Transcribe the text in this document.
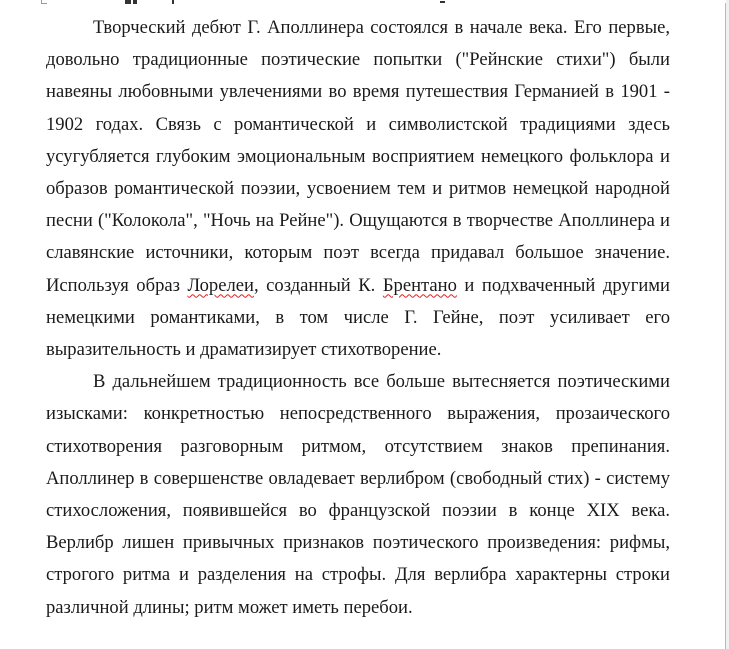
Творческий дебют Г. Аполлинера состоялся в начале века. Его первые, довольно традиционные поэтические попытки ("Рейнские стихи") были навеяны любовными увлечениями во время путешествия Германией в 1901 - 1902 годах. Связь с романтической и символистской традициями здесь усугубляется глубоким эмоциональным восприятием немецкого фольклора и образов романтической поэзии, усвоением тем и ритмов немецкой народной песни ("Колокола", "Ночь на Рейне"). Ощущаются в творчестве Аполлинера и славянские источники, которым поэт всегда придавал большое значение. Используя образ Лорелеи, созданный К. Брентано и подхваченный другими немецкими романтиками, в том числе Г. Гейне, поэт усиливает его выразительность и драматизирует стихотворение.

В дальнейшем традиционность все больше вытесняется поэтическими изысками: конкретностью непосредственного выражения, прозаического стихотворения разговорным ритмом, отсутствием знаков препинания. Аполлинер в совершенстве овладевает верлибром (свободный стих) - систему стихосложения, появившейся во французской поэзии в конце XIX века. Верлибр лишен привычных признаков поэтического произведения: рифмы, строгого ритма и разделения на строфы. Для верлибра характерны строки различной длины; ритм может иметь перебои.
